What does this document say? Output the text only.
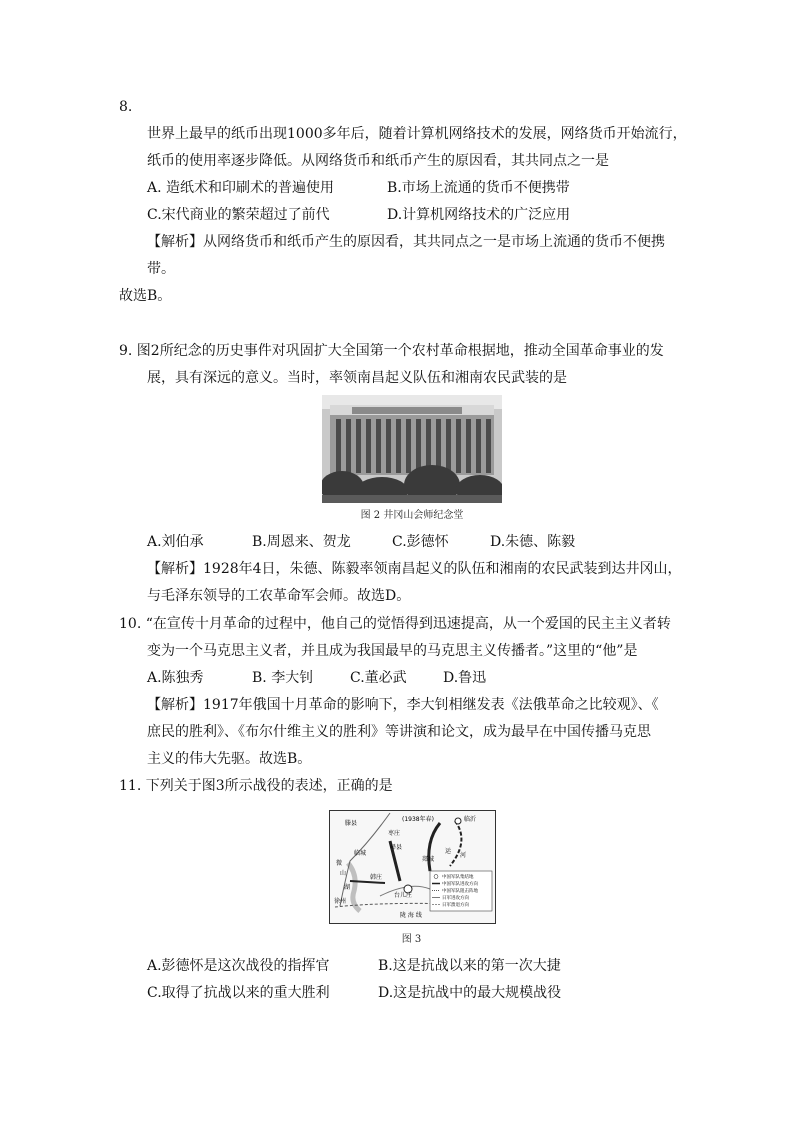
8.
世界上最早的纸币出现1000多年后，随着计算机网络技术的发展，网络货币开始流行，
纸币的使用率逐步降低。从网络货币和纸币产生的原因看，其共同点之一是
A. 造纸术和印刷术的普遍使用	B.市场上流通的货币不便携带
C.宋代商业的繁荣超过了前代	D.计算机网络技术的广泛应用
【解析】从网络货币和纸币产生的原因看，其共同点之一是市场上流通的货币不便携
带。
故选B。
9. 图2所纪念的历史事件对巩固扩大全国第一个农村革命根据地，推动全国革命事业的发
展，具有深远的意义。当时，率领南昌起义队伍和湘南农民武装的是
图 2 井冈山会师纪念堂
A.刘伯承	B.周恩来、贺龙	C.彭德怀	D.朱德、陈毅
【解析】1928年4日，朱德、陈毅率领南昌起义的队伍和湘南的农民武装到达井冈山，
与毛泽东领导的工农革命军会师。故选D。
10. “在宣传十月革命的过程中，他自己的觉悟得到迅速提高，从一个爱国的民主主义者转
变为一个马克思主义者，并且成为我国最早的马克思主义传播者。”这里的“他”是
A.陈独秀	B. 李大钊	C.董必武	D.鲁迅
【解析】1917年俄国十月革命的影响下，李大钊相继发表《法俄革命之比较观》、《
庶民的胜利》、《布尔什维主义的胜利》等讲演和论文，成为最早在中国传播马克思
主义的伟大先驱。故选B。
11. 下列关于图3所示战役的表述，正确的是
(1938年春)
滕县
枣庄
峄县
临城
临沂
郯城
韩庄
台儿庄
徐州
微
山
湖
运
河
陇 海 线
中国军队集结地
中国军队进攻方向
中国军队阻击阵地
日军进攻方向
日军溃退方向
图 3
A.彭德怀是这次战役的指挥官	B.这是抗战以来的第一次大捷
C.取得了抗战以来的重大胜利	D.这是抗战中的最大规模战役
